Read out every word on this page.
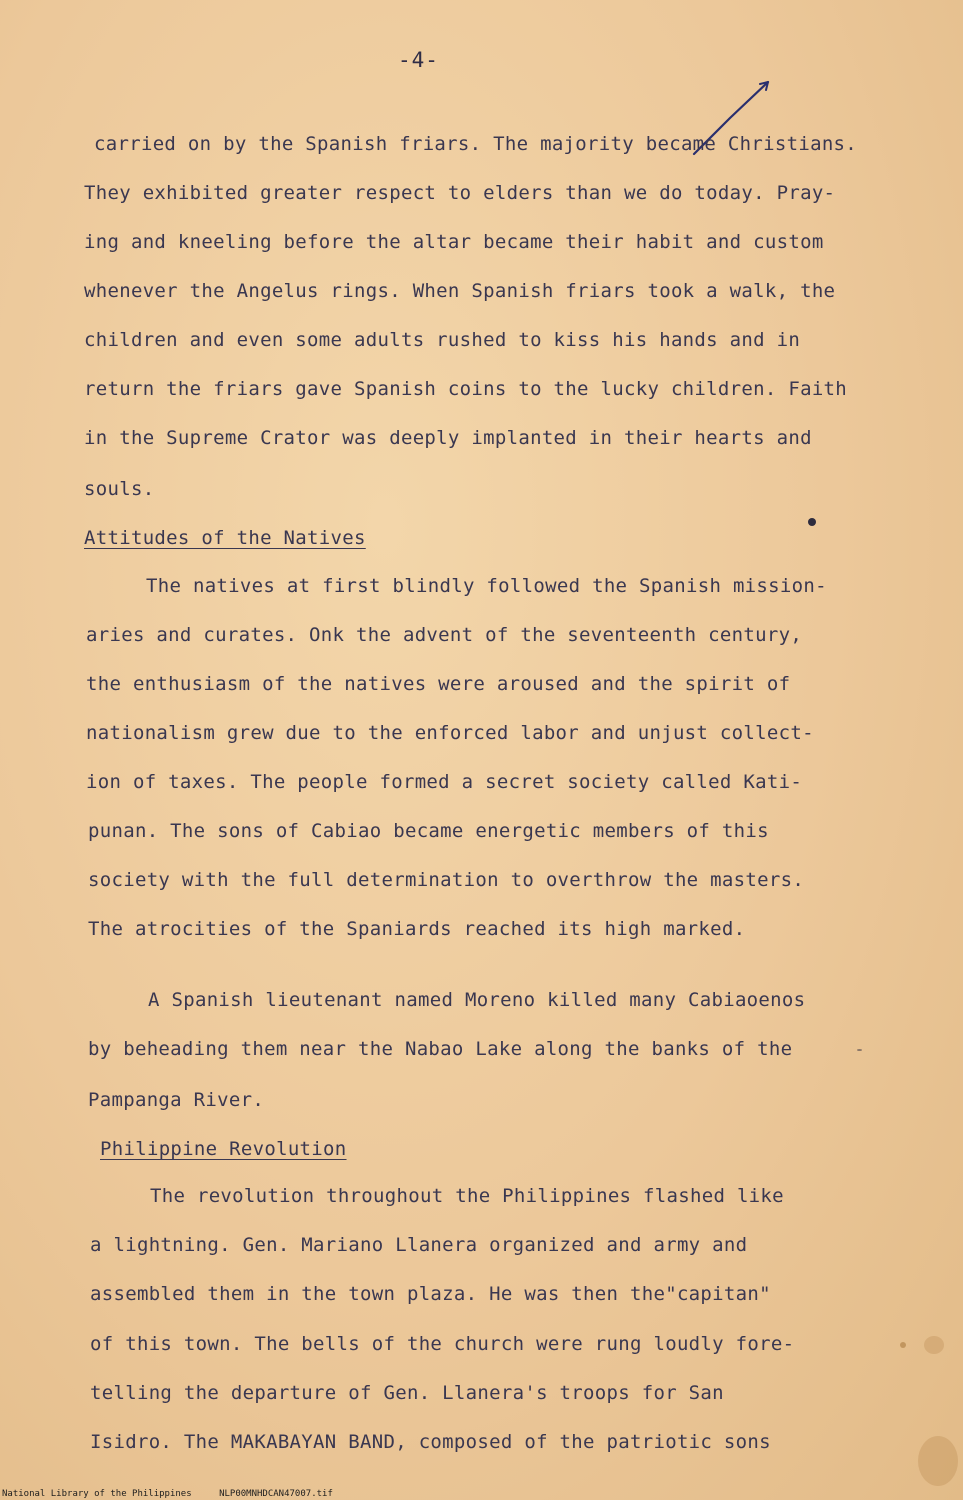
-4-
carried on by the Spanish friars. The majority became Christians.
They exhibited greater respect to elders than we do today. Pray-
ing and kneeling before the altar became their habit and custom
whenever the Angelus rings. When Spanish friars took a walk, the
children and even some adults rushed to kiss his hands and in
return the friars gave Spanish coins to the lucky children. Faith
in the Supreme Crator was deeply implanted in their hearts and
souls.
Attitudes of the Natives
The natives at first blindly followed the Spanish mission-
aries and curates. Onk the advent of the seventeenth century,
the enthusiasm of the natives were aroused and the spirit of
nationalism grew due to the enforced labor and unjust collect-
ion of taxes. The people formed a secret society called Kati-
punan. The sons of Cabiao became energetic members of this
society with the full determination to overthrow the masters.
The atrocities of the Spaniards reached its high marked.
A Spanish lieutenant named Moreno killed many Cabiaoenos
by beheading them near the Nabao Lake along the banks of the
Pampanga River.
Philippine Revolution
The revolution throughout the Philippines flashed like
a lightning. Gen. Mariano Llanera organized and army and
assembled them in the town plaza. He was then the"capitan"
of this town. The bells of the church were rung loudly fore-
telling the departure of Gen. Llanera's troops for San
Isidro. The MAKABAYAN BAND, composed of the patriotic sons
National Library of the Philippines	NLP00MNHDCAN47007.tif
